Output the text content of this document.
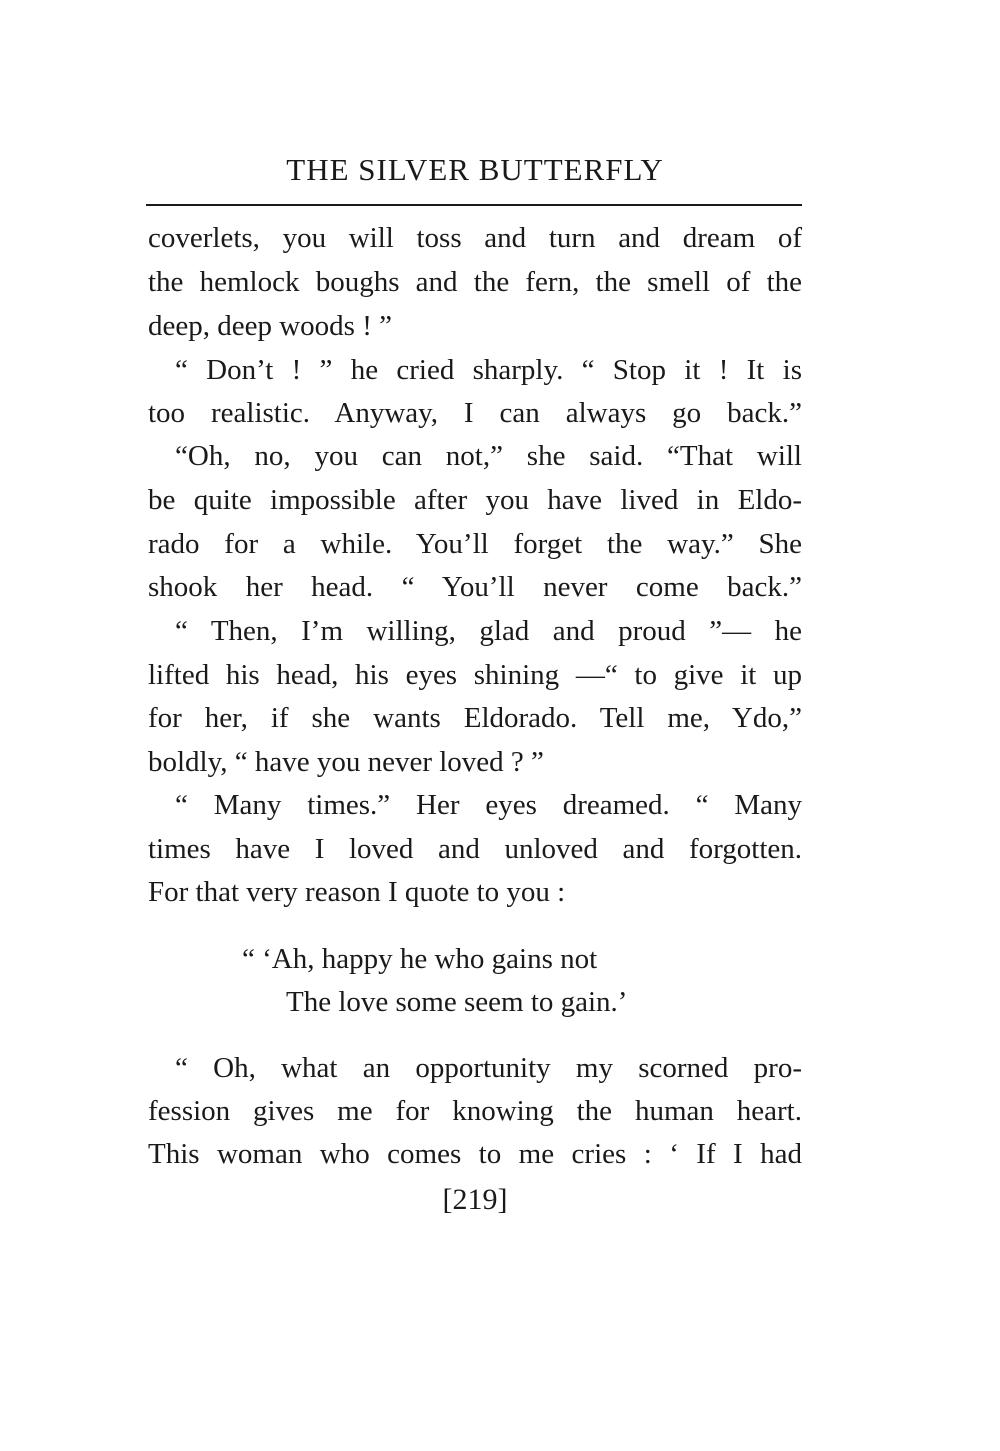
THE SILVER BUTTERFLY
coverlets, you will toss and turn and dream of
the hemlock boughs and the fern, the smell of the
deep, deep woods ! ”
“ Don’t ! ” he cried sharply. “ Stop it ! It is
too realistic. Anyway, I can always go back.”
“Oh, no, you can not,” she said. “That will
be quite impossible after you have lived in Eldo-
rado for a while. You’ll forget the way.” She
shook her head. “ You’ll never come back.”
“ Then, I’m willing, glad and proud ”— he
lifted his head, his eyes shining —“ to give it up
for her, if she wants Eldorado. Tell me, Ydo,”
boldly, “ have you never loved ? ”
“ Many times.” Her eyes dreamed. “ Many
times have I loved and unloved and forgotten.
For that very reason I quote to you :
“ ‘Ah, happy he who gains not
The love some seem to gain.’
“ Oh, what an opportunity my scorned pro-
fession gives me for knowing the human heart.
This woman who comes to me cries : ‘ If I had
[219]
